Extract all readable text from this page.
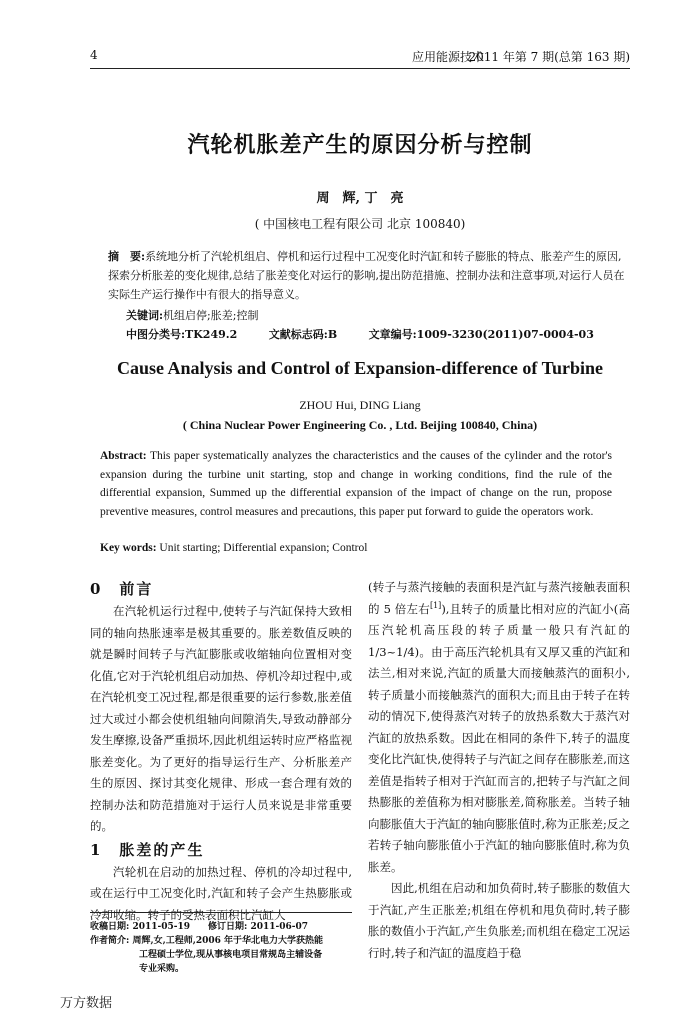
4	应用能源技术
2011 年第 7 期(总第 163 期)
汽轮机胀差产生的原因分析与控制
周　辉, 丁　亮
( 中国核电工程有限公司 北京 100840)
摘　要:系统地分析了汽轮机组启、停机和运行过程中工况变化时汽缸和转子膨胀的特点、胀差产生的原因,探索分析胀差的变化规律,总结了胀差变化对运行的影响,提出防范措施、控制办法和注意事项,对运行人员在实际生产运行操作中有很大的指导意义。
关键词:机组启停;胀差;控制
中图分类号:TK249.2	文献标志码:B	文章编号:1009-3230(2011)07-0004-03
Cause Analysis and Control of Expansion-difference of Turbine
ZHOU Hui, DING Liang
( China Nuclear Power Engineering Co. , Ltd. Beijing 100840, China)
Abstract: This paper systematically analyzes the characteristics and the causes of the cylinder and the rotor's expansion during the turbine unit starting, stop and change in working conditions, find the rule of the differential expansion, Summed up the differential expansion of the impact of change on the run, propose preventive measures, control measures and precautions, this paper put forward to guide the operators work.
Key words: Unit starting; Differential expansion; Control

0　前言

在汽轮机运行过程中,使转子与汽缸保持大致相同的轴向热胀速率是极其重要的。胀差数值反映的就是瞬时间转子与汽缸膨胀或收缩轴向位置相对变化值,它对于汽轮机组启动加热、停机冷却过程中,或在汽轮机变工况过程,都是很重要的运行参数,胀差值过大或过小都会使机组轴向间隙消失,导致动静部分发生摩擦,设备严重损坏,因此机组运转时应严格监视胀差变化。为了更好的指导运行生产、分析胀差产生的原因、探讨其变化规律、形成一套合理有效的控制办法和防范措施对于运行人员来说是非常重要的。

1　胀差的产生

汽轮机在启动的加热过程、停机的冷却过程中,或在运行中工况变化时,汽缸和转子会产生热膨胀或冷却收缩。转子的受热表面积比汽缸大

(转子与蒸汽接触的表面积是汽缸与蒸汽接触表面积的 5 倍左右[1]),且转子的质量比相对应的汽缸小(高压汽轮机高压段的转子质量一般只有汽缸的 1/3~1/4)。由于高压汽轮机具有又厚又重的汽缸和法兰,相对来说,汽缸的质量大而接触蒸汽的面积小,转子质量小而接触蒸汽的面积大;而且由于转子在转动的情况下,使得蒸汽对转子的放热系数大于蒸汽对汽缸的放热系数。因此在相同的条件下,转子的温度变化比汽缸快,使得转子与汽缸之间存在膨胀差,而这差值是指转子相对于汽缸而言的,把转子与汽缸之间热膨胀的差值称为相对膨胀差,简称胀差。当转子轴向膨胀值大于汽缸的轴向膨胀值时,称为正胀差;反之若转子轴向膨胀值小于汽缸的轴向膨胀值时,称为负胀差。

因此,机组在启动和加负荷时,转子膨胀的数值大于汽缸,产生正胀差;机组在停机和甩负荷时,转子膨胀的数值小于汽缸,产生负胀差;而机组在稳定工况运行时,转子和汽缸的温度趋于稳

收稿日期: 2011-05-19 修订日期: 2011-06-07
作者简介: 周辉,女,工程师,2006 年于华北电力大学获热能
工程硕士学位,现从事核电项目常规岛主辅设备
专业采购。
万方数据
